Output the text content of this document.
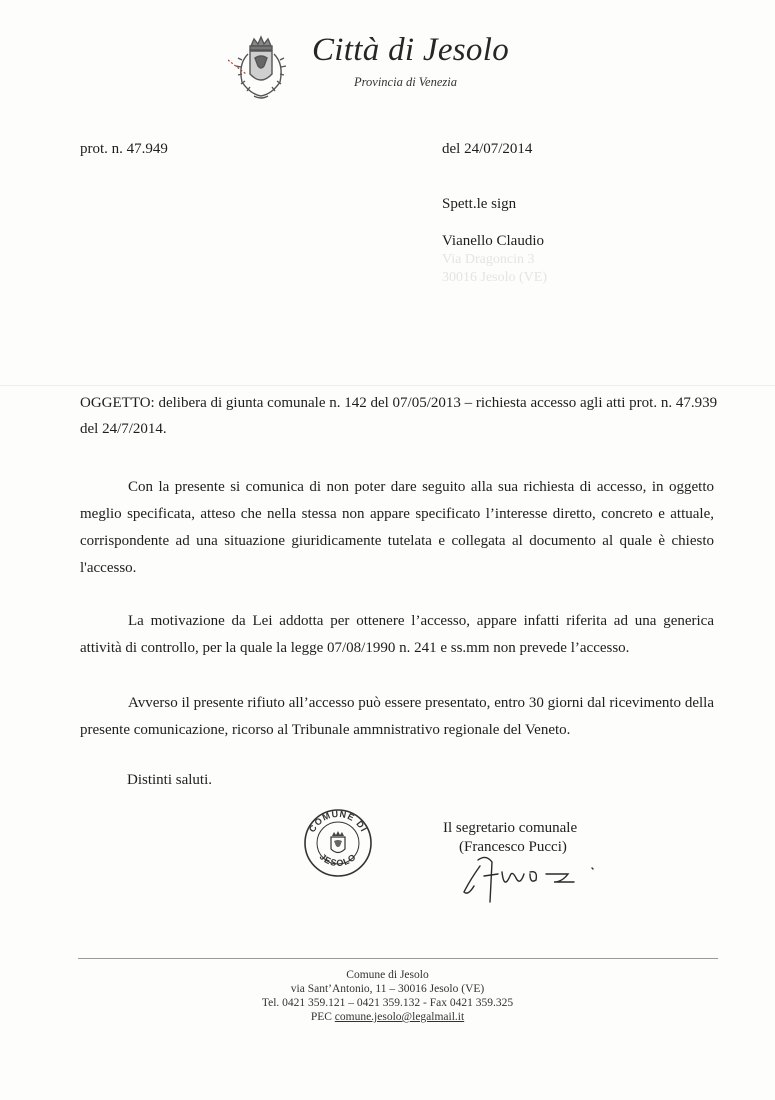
Città di Jesolo
Provincia di Venezia
prot. n. 47.949	del 24/07/2014
Spett.le sign
Vianello Claudio
Via Dragoncin 3
30016 Jesolo (VE)
OGGETTO: delibera di giunta comunale n. 142 del 07/05/2013 – richiesta accesso agli atti prot. n. 47.939 del 24/7/2014.
Con la presente si comunica di non poter dare seguito alla sua richiesta di accesso, in oggetto meglio specificata, atteso che nella stessa non appare specificato l’interesse diretto, concreto e attuale, corrispondente ad una situazione giuridicamente tutelata e collegata al documento al quale è chiesto l'accesso.
La motivazione da Lei addotta per ottenere l’accesso, appare infatti riferita ad una generica attività di controllo, per la quale la legge 07/08/1990 n. 241 e ss.mm non prevede l’accesso.
Avverso il presente rifiuto all’accesso può essere presentato, entro 30 giorni dal ricevimento della presente comunicazione, ricorso al Tribunale ammnistrativo regionale del Veneto.
Distinti saluti.
COMUNE DI
JESOLO
Il segretario comunale
(Francesco Pucci)
Comune di Jesolo
via Sant’Antonio, 11 – 30016 Jesolo (VE)
Tel. 0421 359.121 – 0421 359.132 - Fax 0421 359.325
PEC comune.jesolo@legalmail.it
